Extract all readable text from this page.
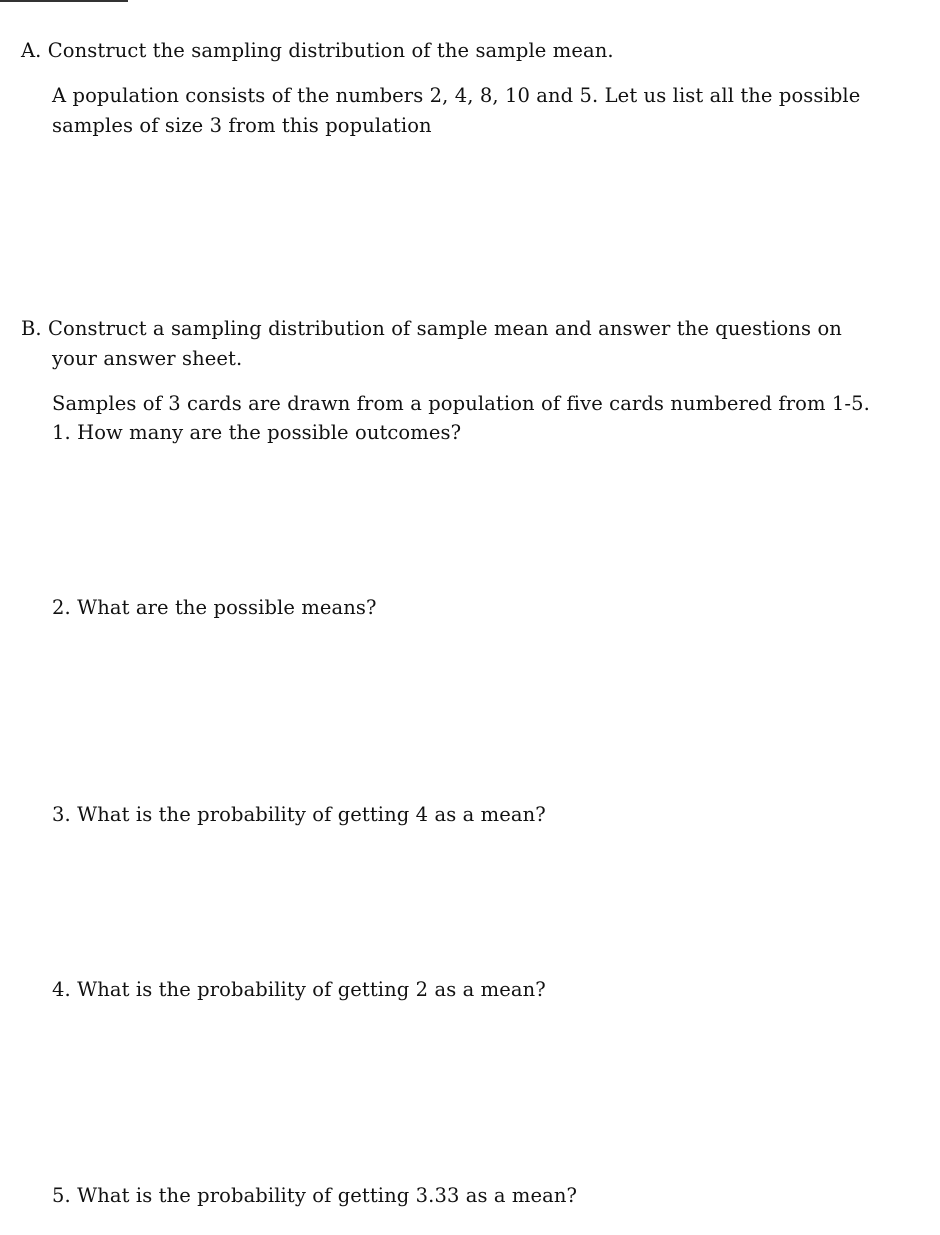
A. Construct the sampling distribution of the sample mean.
A population consists of the numbers 2, 4, 8, 10 and 5. Let us list all the possible
samples of size 3 from this population
B. Construct a sampling distribution of sample mean and answer the questions on
your answer sheet.
Samples of 3 cards are drawn from a population of five cards numbered from 1-5.
1. How many are the possible outcomes?
2. What are the possible means?
3. What is the probability of getting 4 as a mean?
4. What is the probability of getting 2 as a mean?
5. What is the probability of getting 3.33 as a mean?
